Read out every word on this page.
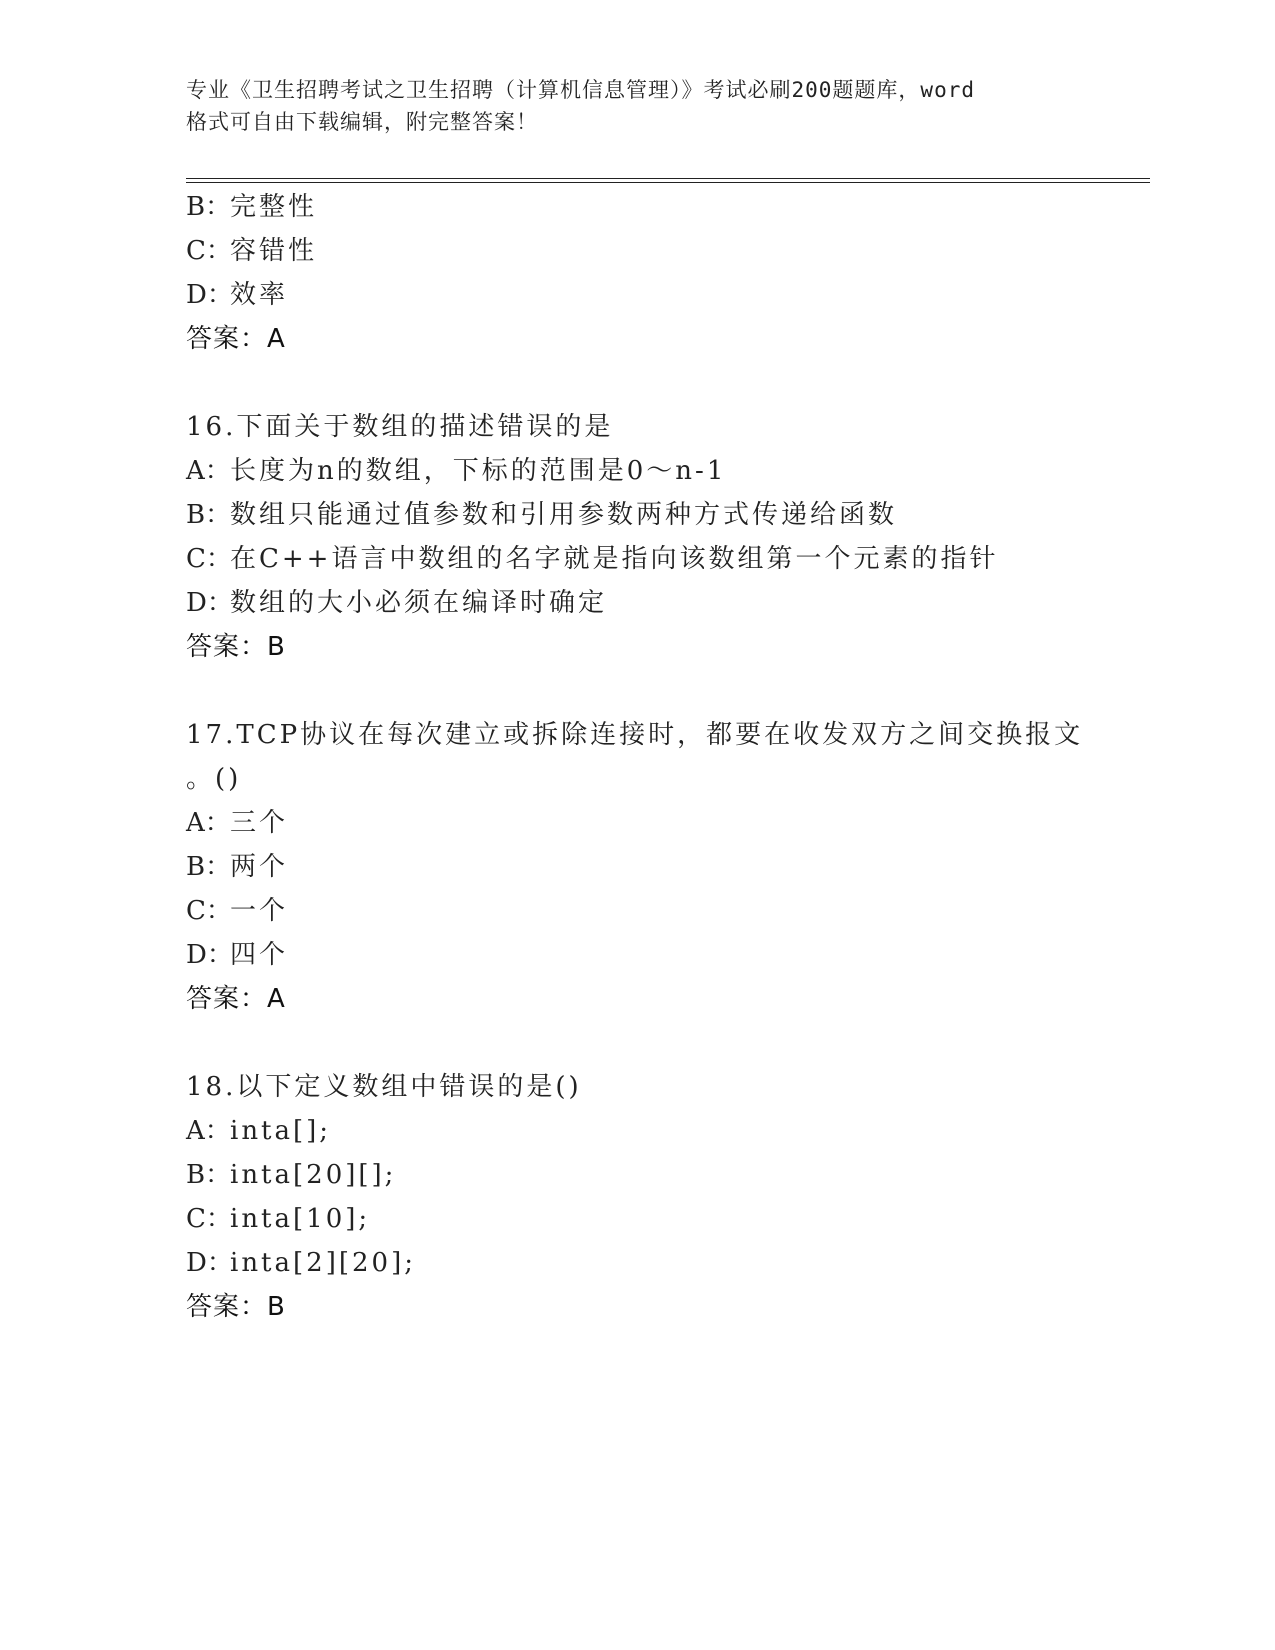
专业《卫生招聘考试之卫生招聘（计算机信息管理）》考试必刷200题题库，word
格式可自由下载编辑，附完整答案！
B：完整性
C：容错性
D：效率
答案：A
16.下面关于数组的描述错误的是
A：长度为n的数组，下标的范围是0～n-1
B：数组只能通过值参数和引用参数两种方式传递给函数
C：在C++语言中数组的名字就是指向该数组第一个元素的指针
D：数组的大小必须在编译时确定
答案：B
17.TCP协议在每次建立或拆除连接时，都要在收发双方之间交换报文
。()
A：三个
B：两个
C：一个
D：四个
答案：A
18.以下定义数组中错误的是()
A：inta[];
B：inta[20][];
C：inta[10];
D：inta[2][20];
答案：B
